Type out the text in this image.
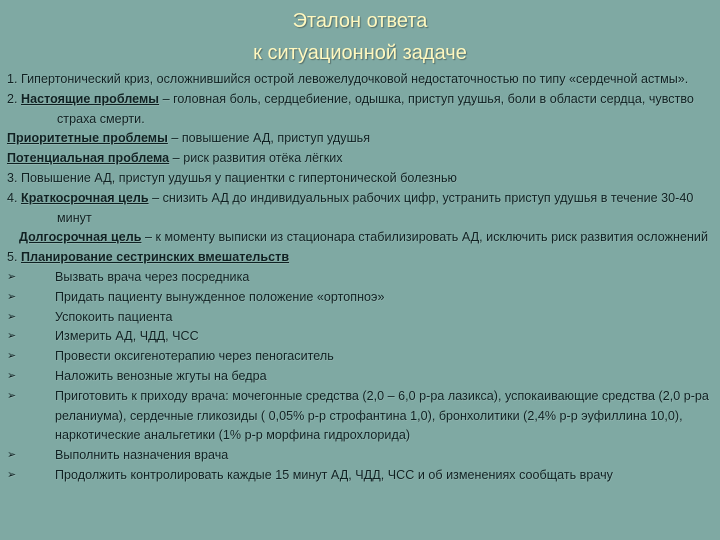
Эталон ответа
к ситуационной задаче

1. Гипертонический криз, осложнившийся острой левожелудочковой недостаточностью по типу «сердечной астмы».

2. Настоящие проблемы – головная боль, сердцебиение, одышка, приступ удушья, боли в области сердца, чувство страха смерти.

Приоритетные проблемы – повышение АД, приступ удушья

Потенциальная проблема – риск развития отёка лёгких

3. Повышение АД, приступ удушья у пациентки с гипертонической болезнью

4. Краткосрочная цель – снизить АД до индивидуальных рабочих цифр, устранить приступ удушья в течение 30-40 минут

Долгосрочная цель – к моменту выписки из стационара стабилизировать АД, исключить риск развития осложнений

5. Планирование сестринских вмешательств

➢	Вызвать врача через посредника
➢	Придать пациенту вынужденное положение «ортопноэ»
➢	Успокоить пациента
➢	Измерить АД, ЧДД, ЧСС
➢	Провести оксигенотерапию через пеногаситель
➢	Наложить венозные жгуты на бедра
➢	Приготовить к приходу врача: мочегонные средства (2,0 – 6,0 р-ра лазикса), успокаивающие средства (2,0 р-ра реланиума), сердечные гликозиды ( 0,05% р-р строфантина 1,0), бронхолитики (2,4% р-р эуфиллина 10,0), наркотические анальгетики (1% р-р морфина гидрохлорида)
➢	Выполнить назначения врача
➢	Продолжить контролировать каждые 15 минут АД, ЧДД, ЧСС и об изменениях сообщать врачу
